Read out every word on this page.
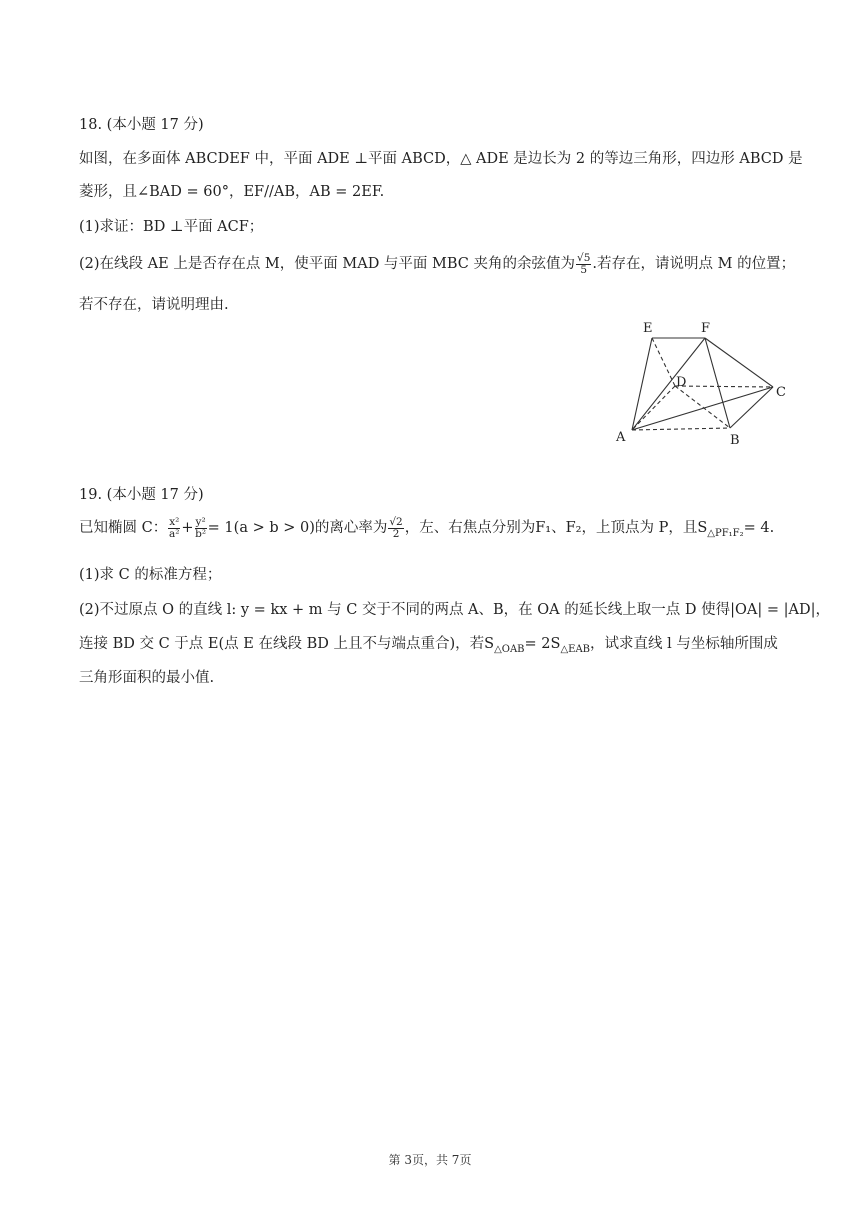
18. (本小题 17 分)
如图，在多面体 ABCDEF 中，平面 ADE ⊥平面 ABCD，△ ADE 是边长为 2 的等边三角形，四边形 ABCD 是
菱形，且∠BAD = 60°，EF//AB，AB = 2EF.
(1)求证：BD ⊥平面 ACF；
(2)在线段 AE 上是否存在点 M，使平面 MAD 与平面 MBC 夹角的余弦值为 $\frac{√5}{5}$ .若存在，请说明点 M 的位置；
若不存在，请说明理由.
E	F
D
C
A	B
19. (本小题 17 分)
已知椭圆 C： $\frac{\text{x²}}{\text{a²}} + \frac{\text{y²}}{\text{b²}} = 1(a > b > 0)$的离心率为 $\frac{√2}{2}$ ，左、右焦点分别为F₁、F₂，上顶点为 P，且$S_{\triangle PF_1F_2}= 4$.
(1)求 C 的标准方程；
(2)不过原点 O 的直线 l: y = kx + m 与 C 交于不同的两点 A、B，在 OA 的延长线上取一点 D 使得|OA| = |AD|，
连接 BD 交 C 于点 E(点 E 在线段 BD 上且不与端点重合)，若$S_{\triangle OAB}= 2S_{\triangle EAB}$，试求直线 l 与坐标轴所围成
三角形面积的最小值.
第 3页，共 7页
